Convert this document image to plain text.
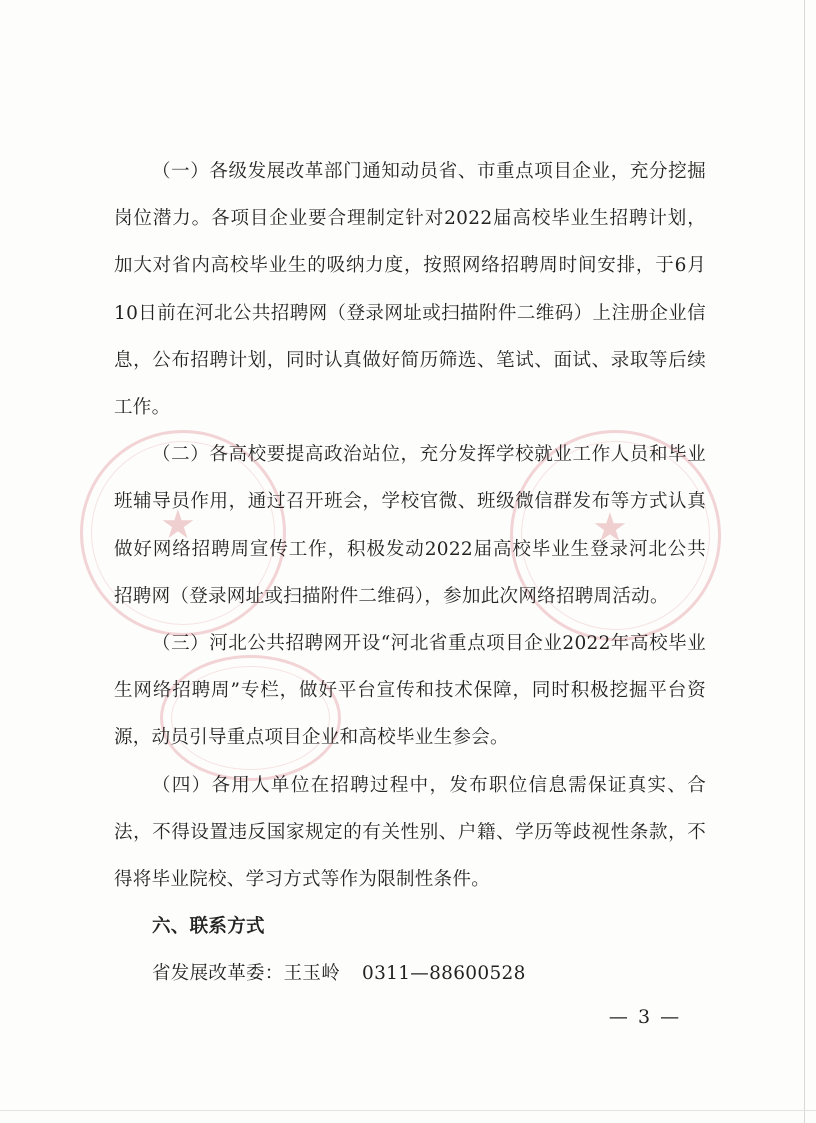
★	★

（一）各级发展改革部门通知动员省、市重点项目企业，充分挖掘岗位潜力。各项目企业要合理制定针对2022届高校毕业生招聘计划，加大对省内高校毕业生的吸纳力度，按照网络招聘周时间安排，于6月10日前在河北公共招聘网（登录网址或扫描附件二维码）上注册企业信息，公布招聘计划，同时认真做好简历筛选、笔试、面试、录取等后续工作。

（二）各高校要提高政治站位，充分发挥学校就业工作人员和毕业班辅导员作用，通过召开班会，学校官微、班级微信群发布等方式认真做好网络招聘周宣传工作，积极发动2022届高校毕业生登录河北公共招聘网（登录网址或扫描附件二维码），参加此次网络招聘周活动。

（三）河北公共招聘网开设“河北省重点项目企业2022年高校毕业生网络招聘周”专栏，做好平台宣传和技术保障，同时积极挖掘平台资源，动员引导重点项目企业和高校毕业生参会。

（四）各用人单位在招聘过程中，发布职位信息需保证真实、合法，不得设置违反国家规定的有关性别、户籍、学历等歧视性条款，不得将毕业院校、学习方式等作为限制性条件。

六、联系方式

省发展改革委：王玉岭 0311—88600528

— 3 —
